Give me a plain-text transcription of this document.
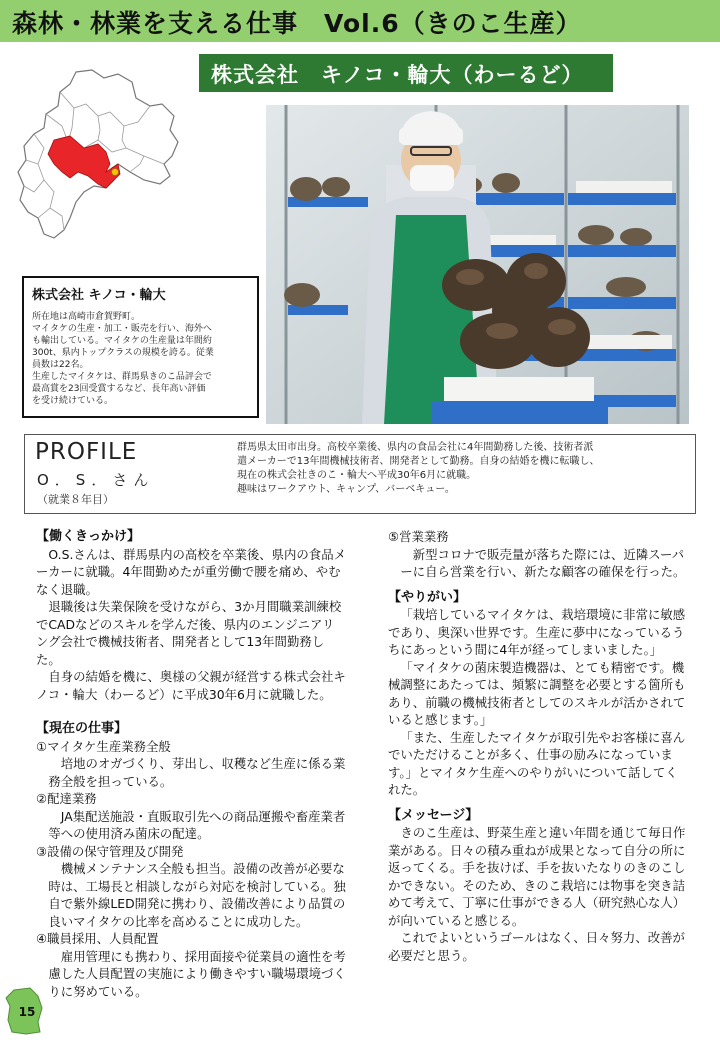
森林・林業を支える仕事　Vol.6（きのこ生産）
株式会社　キノコ・輪大（わーるど）
株式会社 キノコ・輪大
所在地は高崎市倉賀野町。
マイタケの生産・加工・販売を行い、海外へ
も輸出している。マイタケの生産量は年間約
300t、県内トップクラスの規模を誇る。従業
員数は22名。
生産したマイタケは、群馬県きのこ品評会で
最高賞を23回受賞するなど、長年高い評価
を受け続けている。
PROFILE
O．S．さん
（就業８年目）
群馬県太田市出身。高校卒業後、県内の食品会社に4年間勤務した後、技術者派
遣メーカーで13年間機械技術者、開発者として勤務。自身の結婚を機に転職し、
現在の株式会社きのこ・輪大へ平成30年6月に就職。
趣味はワークアウト、キャンプ、バーベキュー。
【働くきっかけ】
O.S.さんは、群馬県内の高校を卒業後、県内の食品メーカーに就職。4年間勤めたが重労働で腰を痛め、やむなく退職。
退職後は失業保険を受けながら、3か月間職業訓練校でCADなどのスキルを学んだ後、県内のエンジニアリング会社で機械技術者、開発者として13年間勤務した。
自身の結婚を機に、奥様の父親が経営する株式会社キノコ・輪大（わーるど）に平成30年6月に就職した。
【現在の仕事】
①マイタケ生産業務全般
培地のオガづくり、芽出し、収穫など生産に係る業務全般を担っている。
②配達業務
JA集配送施設・直販取引先への商品運搬や畜産業者等への使用済み菌床の配達。
③設備の保守管理及び開発
機械メンテナンス全般も担当。設備の改善が必要な時は、工場長と相談しながら対応を検討している。独自で紫外線LED開発に携わり、設備改善により品質の良いマイタケの比率を高めることに成功した。
④職員採用、人員配置
雇用管理にも携わり、採用面接や従業員の適性を考慮した人員配置の実施により働きやすい職場環境づくりに努めている。
⑤営業業務
新型コロナで販売量が落ちた際には、近隣スーパーに自ら営業を行い、新たな顧客の確保を行った。
【やりがい】
「栽培しているマイタケは、栽培環境に非常に敏感であり、奥深い世界です。生産に夢中になっているうちにあっという間に4年が経ってしまいました。」
「マイタケの菌床製造機器は、とても精密です。機械調整にあたっては、頻繁に調整を必要とする箇所もあり、前職の機械技術者としてのスキルが活かされていると感じます。」
「また、生産したマイタケが取引先やお客様に喜んでいただけることが多く、仕事の励みになっています。」とマイタケ生産へのやりがいについて話してくれた。
【メッセージ】
きのこ生産は、野菜生産と違い年間を通じて毎日作業がある。日々の積み重ねが成果となって自分の所に返ってくる。手を抜けば、手を抜いたなりのきのこしかできない。そのため、きのこ栽培には物事を突き詰めて考えて、丁寧に仕事ができる人（研究熱心な人）が向いていると感じる。
これでよいというゴールはなく、日々努力、改善が必要だと思う。
15
